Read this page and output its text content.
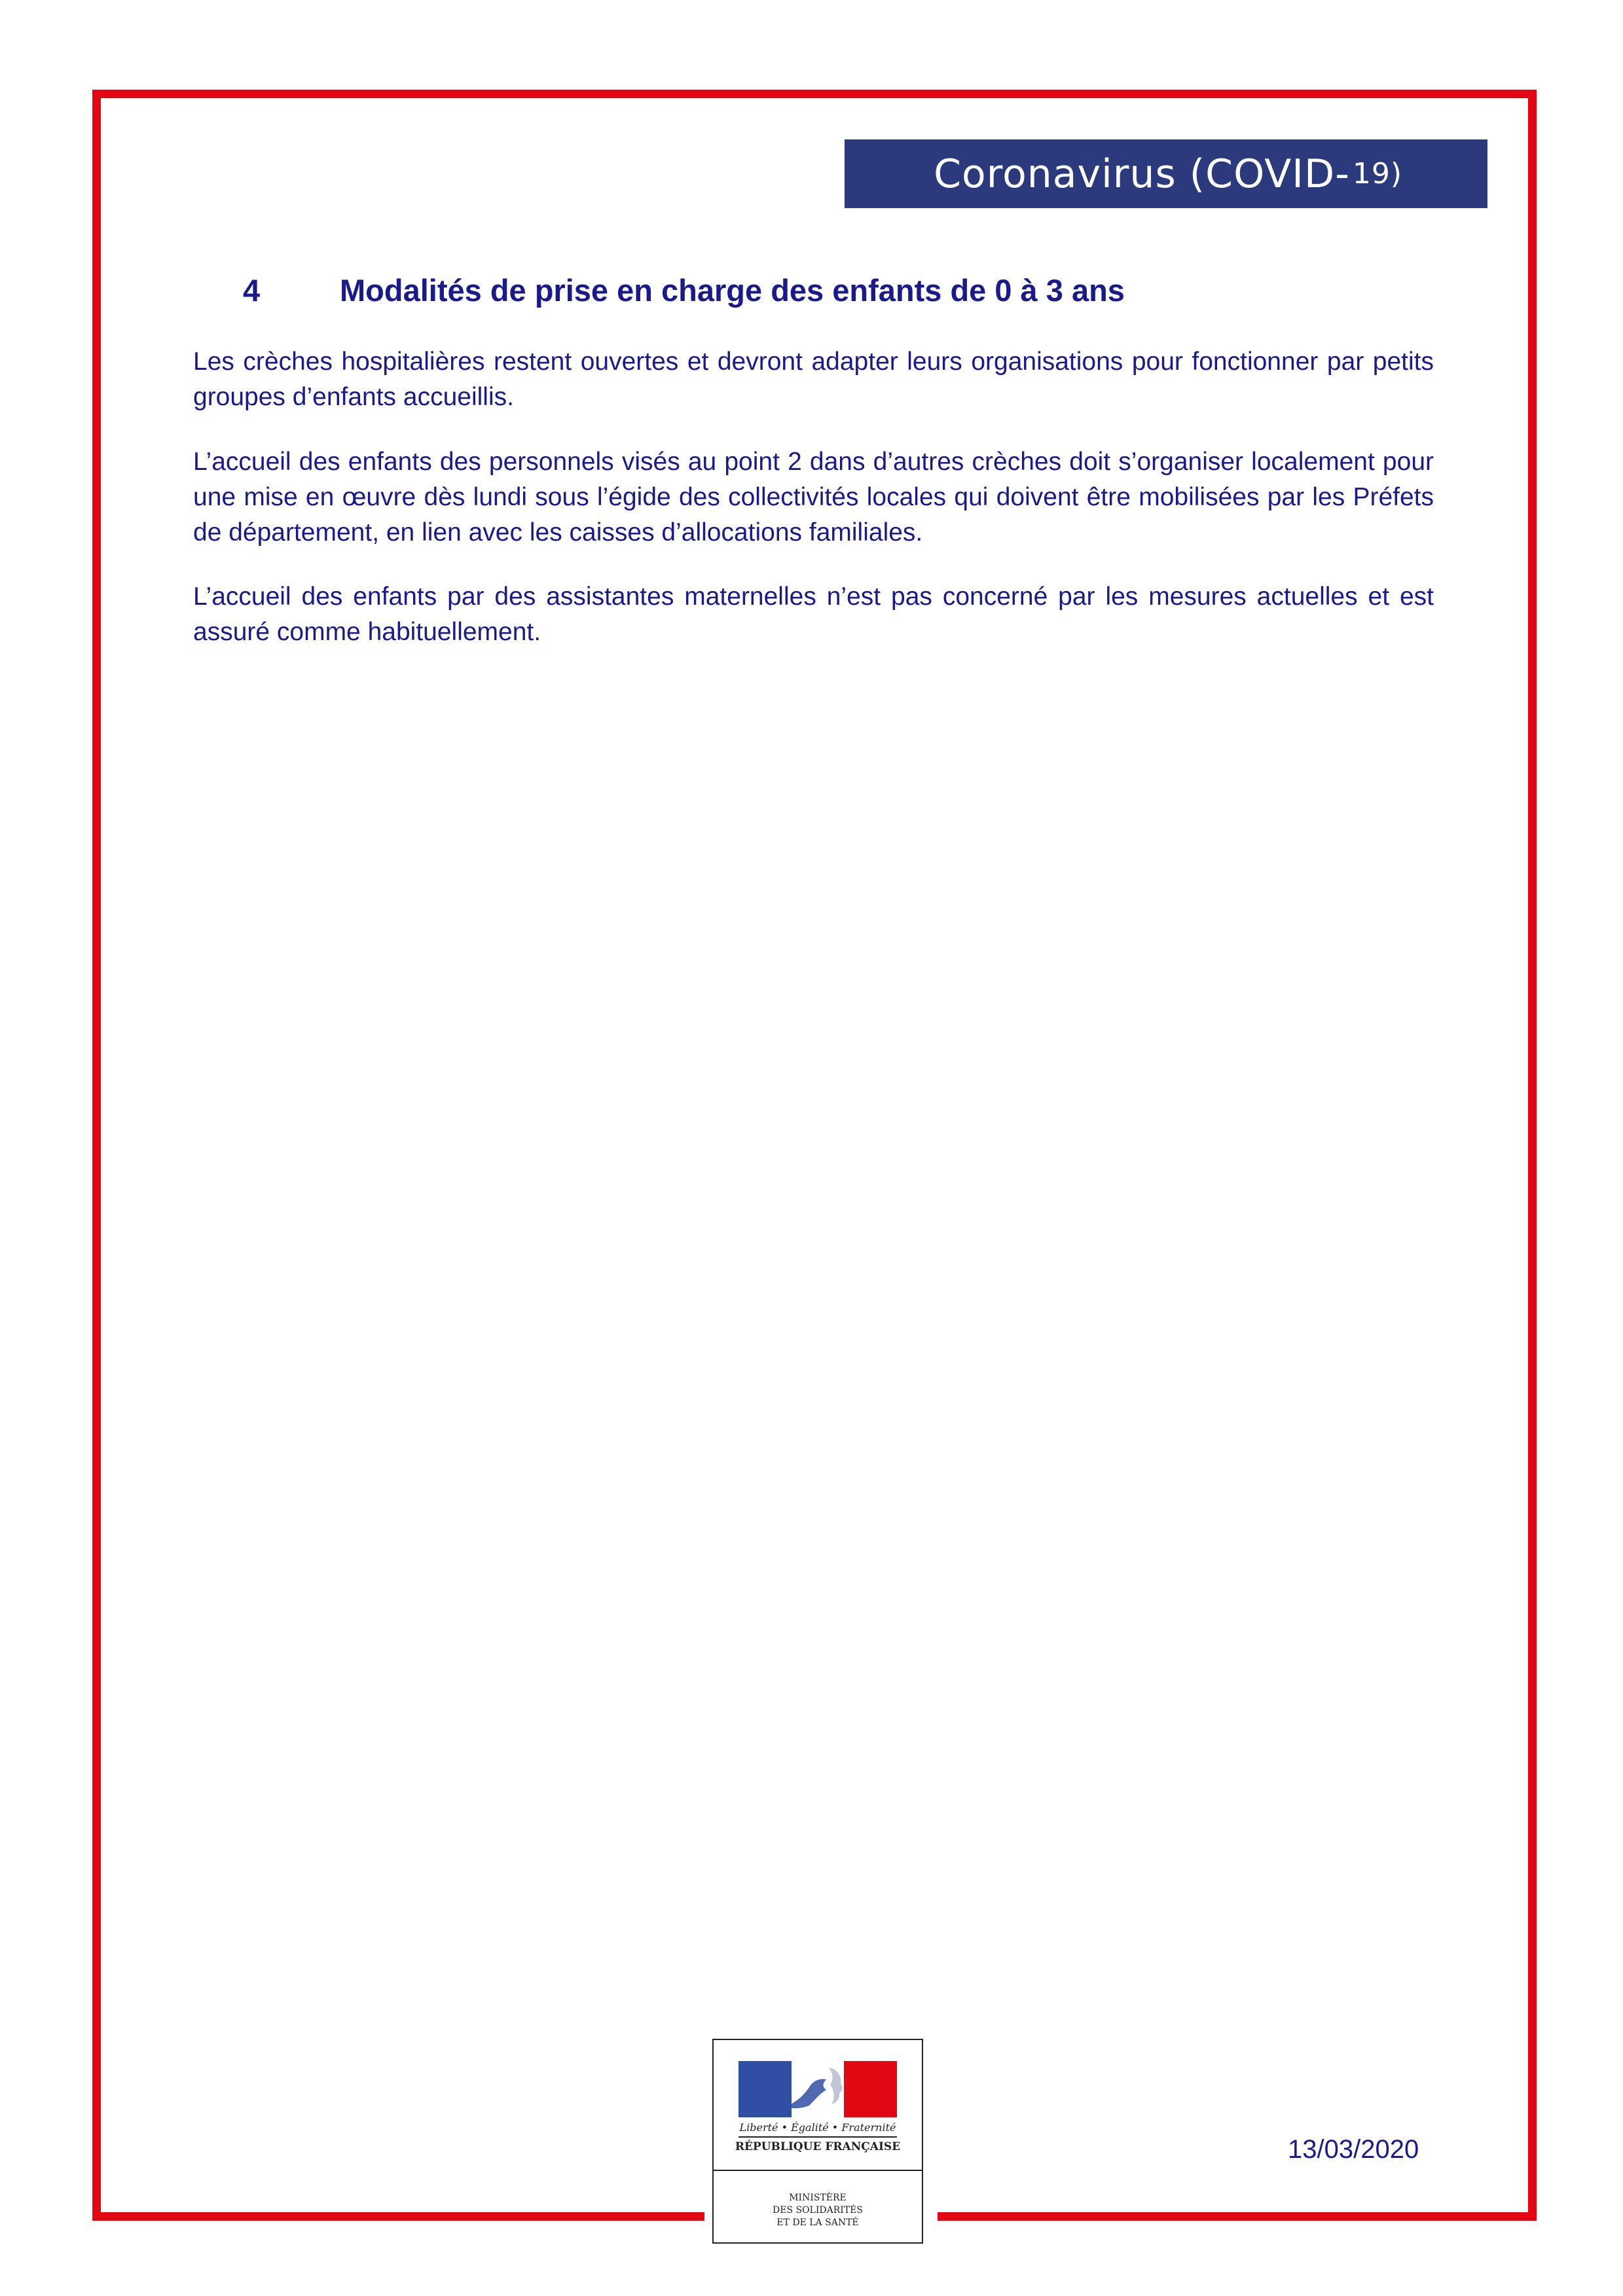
Coronavirus (COVID- 19)
4	Modalités de prise en charge des enfants de 0 à 3 ans

Les crèches hospitalières restent ouvertes et devront adapter leurs organisations pour fonctionner par petits groupes d’enfants accueillis.

L’accueil des enfants des personnels visés au point 2 dans d’autres crèches doit s’organiser localement pour une mise en œuvre dès lundi sous l’égide des collectivités locales qui doivent être mobilisées par les Préfets de département, en lien avec les caisses d’allocations familiales.

L’accueil des enfants par des assistantes maternelles n’est pas concerné par les mesures actuelles et est assuré comme habituellement.

13/03/2020
Liberté • Égalité • Fraternité
RÉPUBLIQUE FRANÇAISE
MINISTÈRE
DES SOLIDARITÉS
ET DE LA SANTÉ
